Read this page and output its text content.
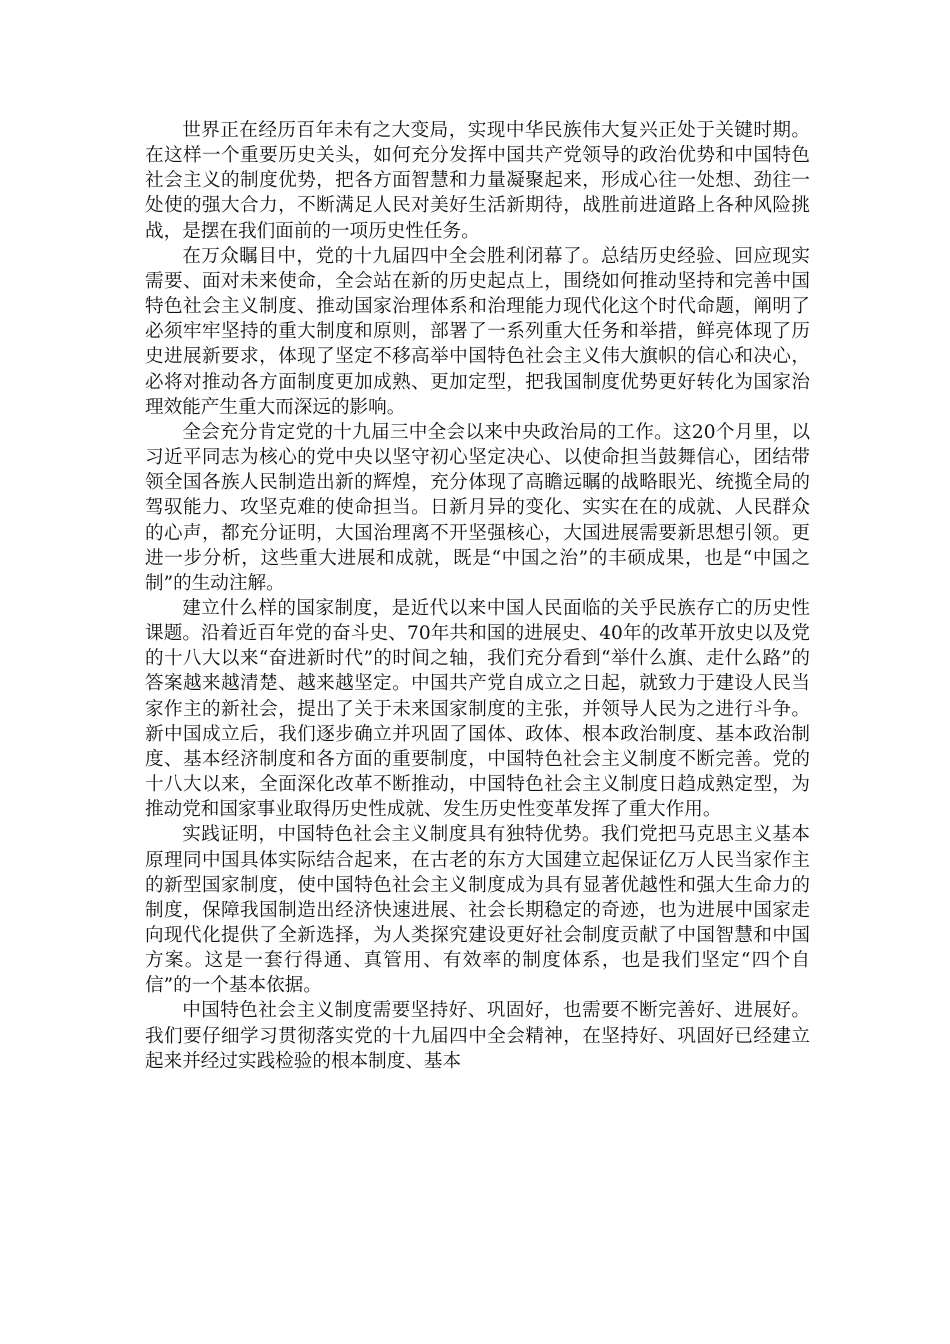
世界正在经历百年未有之大变局，实现中华民族伟大复兴正处于关键时期。在这样一个重要历史关头，如何充分发挥中国共产党领导的政治优势和中国特色社会主义的制度优势，把各方面智慧和力量凝聚起来，形成心往一处想、劲往一处使的强大合力，不断满足人民对美好生活新期待，战胜前进道路上各种风险挑战，是摆在我们面前的一项历史性任务。

在万众瞩目中，党的十九届四中全会胜利闭幕了。总结历史经验、回应现实需要、面对未来使命，全会站在新的历史起点上，围绕如何推动坚持和完善中国特色社会主义制度、推动国家治理体系和治理能力现代化这个时代命题，阐明了必须牢牢坚持的重大制度和原则，部署了一系列重大任务和举措，鲜亮体现了历史进展新要求，体现了坚定不移高举中国特色社会主义伟大旗帜的信心和决心，必将对推动各方面制度更加成熟、更加定型，把我国制度优势更好转化为国家治理效能产生重大而深远的影响。

全会充分肯定党的十九届三中全会以来中央政治局的工作。这20个月里，以习近平同志为核心的党中央以坚守初心坚定决心、以使命担当鼓舞信心，团结带领全国各族人民制造出新的辉煌，充分体现了高瞻远瞩的战略眼光、统揽全局的驾驭能力、攻坚克难的使命担当。日新月异的变化、实实在在的成就、人民群众的心声，都充分证明，大国治理离不开坚强核心，大国进展需要新思想引领。更进一步分析，这些重大进展和成就，既是“中国之治”的丰硕成果，也是“中国之制”的生动注解。

建立什么样的国家制度，是近代以来中国人民面临的关乎民族存亡的历史性课题。沿着近百年党的奋斗史、70年共和国的进展史、40年的改革开放史以及党的十八大以来“奋进新时代”的时间之轴，我们充分看到“举什么旗、走什么路”的答案越来越清楚、越来越坚定。中国共产党自成立之日起，就致力于建设人民当家作主的新社会，提出了关于未来国家制度的主张，并领导人民为之进行斗争。新中国成立后，我们逐步确立并巩固了国体、政体、根本政治制度、基本政治制度、基本经济制度和各方面的重要制度，中国特色社会主义制度不断完善。党的十八大以来，全面深化改革不断推动，中国特色社会主义制度日趋成熟定型，为推动党和国家事业取得历史性成就、发生历史性变革发挥了重大作用。

实践证明，中国特色社会主义制度具有独特优势。我们党把马克思主义基本原理同中国具体实际结合起来，在古老的东方大国建立起保证亿万人民当家作主的新型国家制度，使中国特色社会主义制度成为具有显著优越性和强大生命力的制度，保障我国制造出经济快速进展、社会长期稳定的奇迹，也为进展中国家走向现代化提供了全新选择，为人类探究建设更好社会制度贡献了中国智慧和中国方案。这是一套行得通、真管用、有效率的制度体系，也是我们坚定“四个自信”的一个基本依据。

中国特色社会主义制度需要坚持好、巩固好，也需要不断完善好、进展好。我们要仔细学习贯彻落实党的十九届四中全会精神，在坚持好、巩固好已经建立起来并经过实践检验的根本制度、基本
